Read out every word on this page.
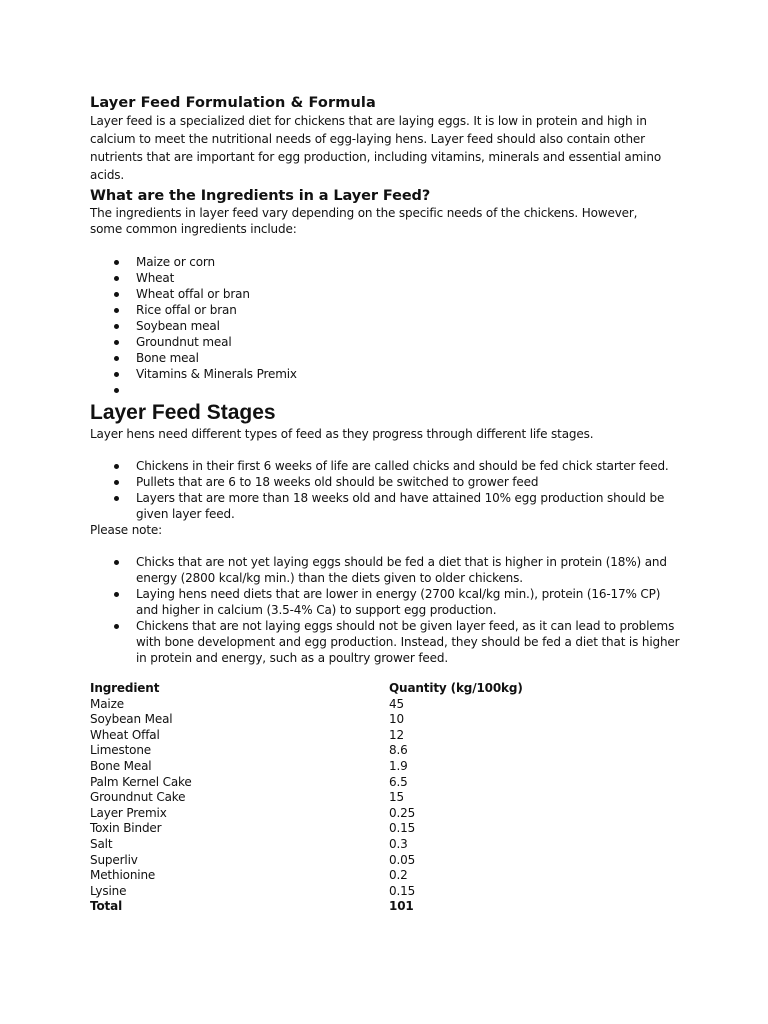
Layer Feed Formulation & Formula

Layer feed is a specialized diet for chickens that are laying eggs. It is low in protein and high in calcium to meet the nutritional needs of egg-laying hens. Layer feed should also contain other nutrients that are important for egg production, including vitamins, minerals and essential amino acids.

What are the Ingredients in a Layer Feed?

The ingredients in layer feed vary depending on the specific needs of the chickens. However, some common ingredients include:

Maize or corn
Wheat
Wheat offal or bran
Rice offal or bran
Soybean meal
Groundnut meal
Bone meal
Vitamins & Minerals Premix
Layer Feed Stages

Layer hens need different types of feed as they progress through different life stages.

Chickens in their first 6 weeks of life are called chicks and should be fed chick starter feed.
Pullets that are 6 to 18 weeks old should be switched to grower feed
Layers that are more than 18 weeks old and have attained 10% egg production should be given layer feed.

Please note:

Chicks that are not yet laying eggs should be fed a diet that is higher in protein (18%) and energy (2800 kcal/kg min.) than the diets given to older chickens.
Laying hens need diets that are lower in energy (2700 kcal/kg min.), protein (16-17% CP) and higher in calcium (3.5-4% Ca) to support egg production.
Chickens that are not laying eggs should not be given layer feed, as it can lead to problems with bone development and egg production. Instead, they should be fed a diet that is higher in protein and energy, such as a poultry grower feed.
Ingredient	Quantity (kg/100kg)
Maize	45
Soybean Meal	10
Wheat Offal	12
Limestone	8.6
Bone Meal	1.9
Palm Kernel Cake	6.5
Groundnut Cake	15
Layer Premix	0.25
Toxin Binder	0.15
Salt	0.3
Superliv	0.05
Methionine	0.2
Lysine	0.15
Total	101
